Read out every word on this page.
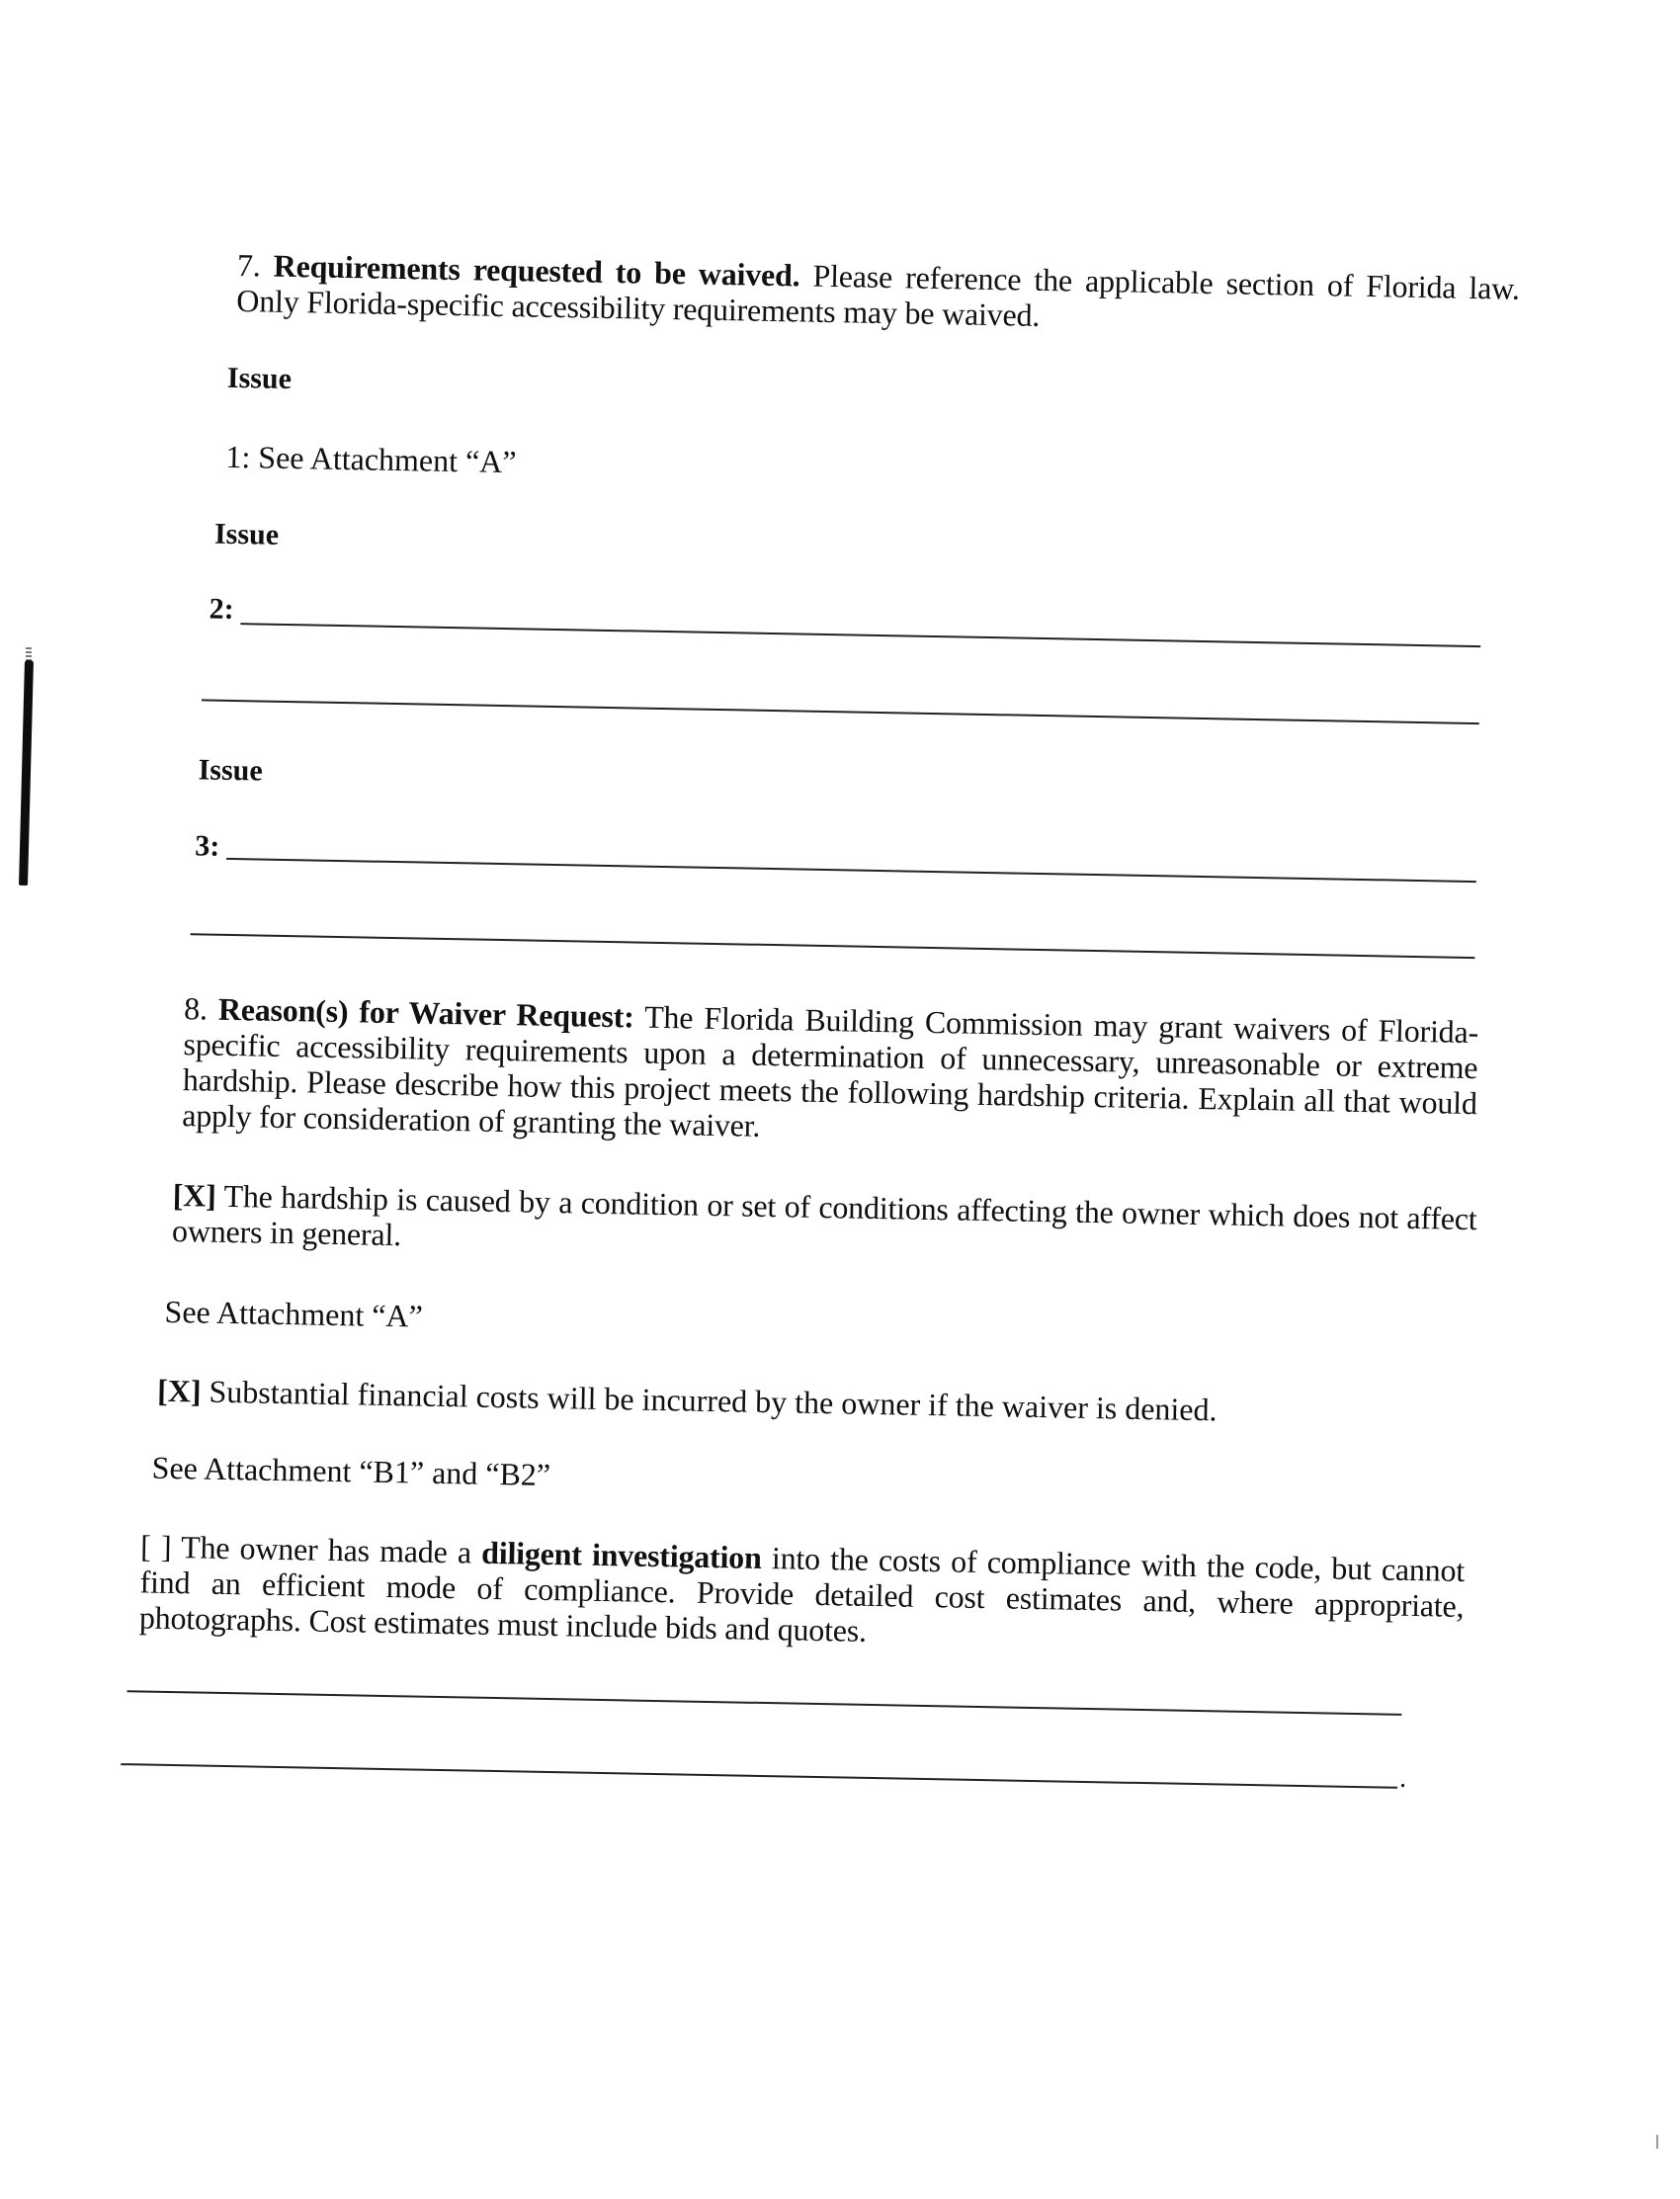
7. Requirements requested to be waived. Please reference the applicable section of Florida law. Only Florida-specific accessibility requirements may be waived.
Issue
1: See Attachment “A”
Issue
2:
Issue
3:
8. Reason(s) for Waiver Request: The Florida Building Commission may grant waivers of Florida-specific accessibility requirements upon a determination of unnecessary, unreasonable or extreme hardship. Please describe how this project meets the following hardship criteria. Explain all that would apply for consideration of granting the waiver.
[X] The hardship is caused by a condition or set of conditions affecting the owner which does not affect owners in general.
See Attachment “A”
[X] Substantial financial costs will be incurred by the owner if the waiver is denied.
See Attachment “B1” and “B2”
[ ] The owner has made a diligent investigation into the costs of compliance with the code, but cannot find an efficient mode of compliance. Provide detailed cost estimates and, where appropriate, photographs. Cost estimates must include bids and quotes.
.
